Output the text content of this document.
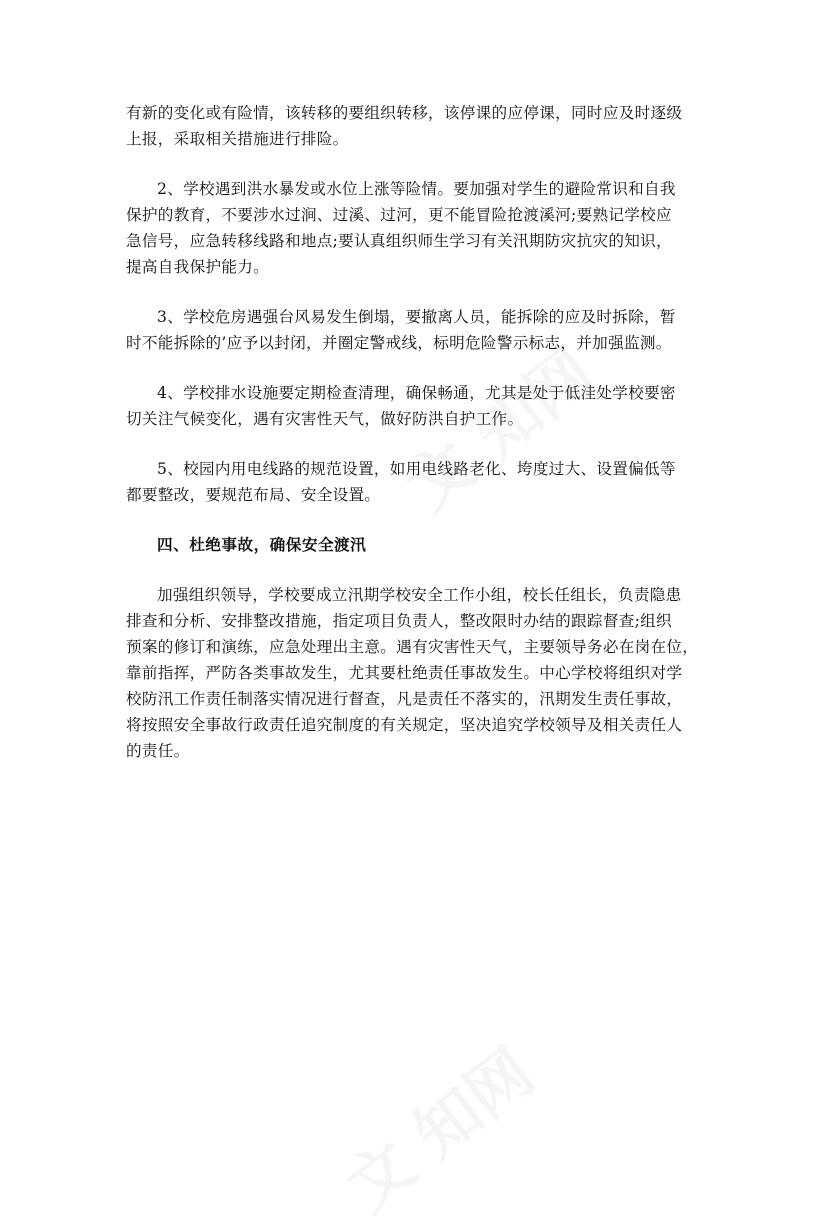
有新的变化或有险情，该转移的要组织转移，该停课的应停课，同时应及时逐级
上报，采取相关措施进行排险。

2、学校遇到洪水暴发或水位上涨等险情。要加强对学生的避险常识和自我
保护的教育，不要涉水过涧、过溪、过河，更不能冒险抢渡溪河;要熟记学校应
急信号，应急转移线路和地点;要认真组织师生学习有关汛期防灾抗灾的知识，
提高自我保护能力。

3、学校危房遇强台风易发生倒塌，要撤离人员，能拆除的应及时拆除，暂
时不能拆除的’应予以封闭，并圈定警戒线，标明危险警示标志，并加强监测。

4、学校排水设施要定期检查清理，确保畅通，尤其是处于低洼处学校要密
切关注气候变化，遇有灾害性天气，做好防洪自护工作。

5、校园内用电线路的规范设置，如用电线路老化、垮度过大、设置偏低等
都要整改，要规范布局、安全设置。

四、杜绝事故，确保安全渡汛

加强组织领导，学校要成立汛期学校安全工作小组，校长任组长，负责隐患
排查和分析、安排整改措施，指定项目负责人，整改限时办结的跟踪督查;组织
预案的修订和演练，应急处理出主意。遇有灾害性天气，主要领导务必在岗在位，
靠前指挥，严防各类事故发生，尤其要杜绝责任事故发生。中心学校将组织对学
校防汛工作责任制落实情况进行督查，凡是责任不落实的，汛期发生责任事故，
将按照安全事故行政责任追究制度的有关规定，坚决追究学校领导及相关责任人
的责任。
